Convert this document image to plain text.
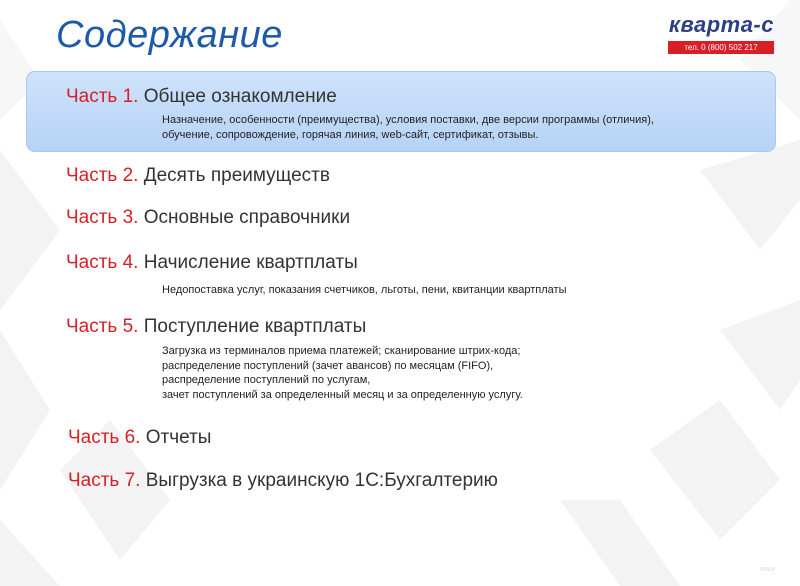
Содержание	кварта-с
тел. 0 (800) 502 217
Часть 1. Общее ознакомление
Назначение, особенности (преимущества), условия поставки, две версии программы (отличия),
обучение, сопровождение, горячая линия, web-сайт, сертификат, отзывы.
Часть 2. Десять преимуществ
Часть 3. Основные справочники
Часть 4. Начисление квартплаты
Недопоставка услуг, показания счетчиков, льготы, пени, квитанции квартплаты
Часть 5. Поступление квартплаты
Загрузка из терминалов приема платежей; сканирование штрих-кода;
распределение поступлений (зачет авансов) по месяцам (FIFO),
распределение поступлений по услугам,
зачет поступлений за определенный месяц и за определенную услугу.
Часть 6. Отчеты
Часть 7. Выгрузка в украинскую 1С:Бухгалтерию
www
